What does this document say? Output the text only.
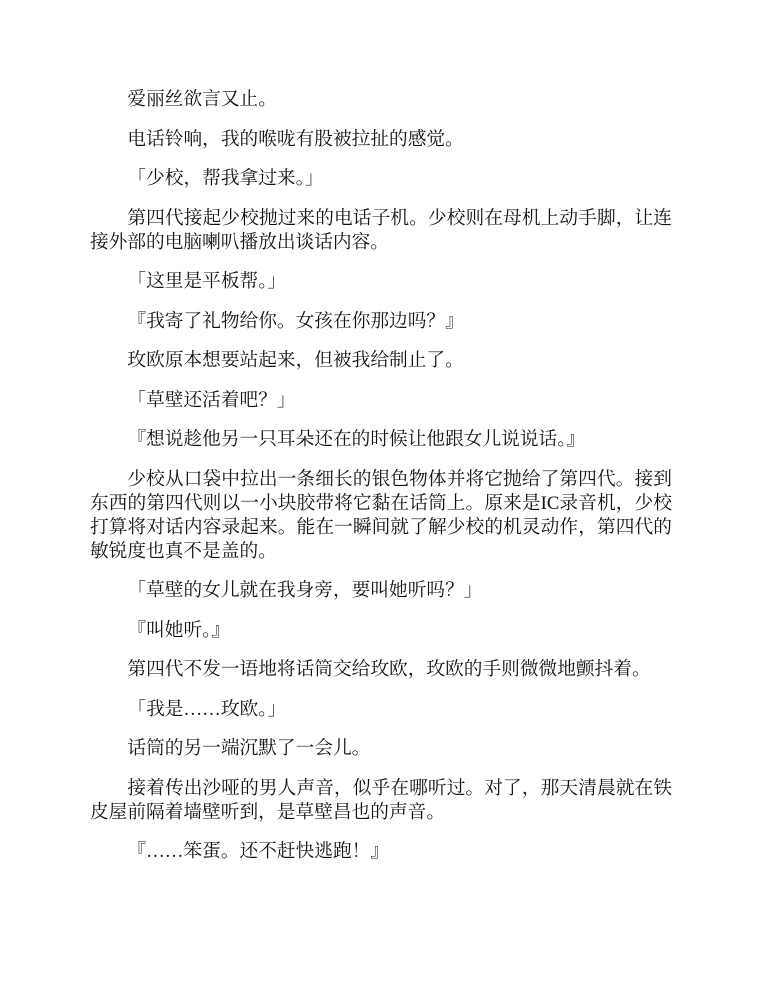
爱丽丝欲言又止。

电话铃响，我的喉咙有股被拉扯的感觉。

「少校，帮我拿过来。」

第四代接起少校抛过来的电话子机。少校则在母机上动手脚，让连接外部的电脑喇叭播放出谈话内容。

「这里是平板帮。」

『我寄了礼物给你。女孩在你那边吗？』

玫欧原本想要站起来，但被我给制止了。

「草壁还活着吧？」

『想说趁他另一只耳朵还在的时候让他跟女儿说说话。』

少校从口袋中拉出一条细长的银色物体并将它抛给了第四代。接到东西的第四代则以一小块胶带将它黏在话筒上。原来是IC录音机，少校打算将对话内容录起来。能在一瞬间就了解少校的机灵动作，第四代的敏锐度也真不是盖的。

「草壁的女儿就在我身旁，要叫她听吗？」

『叫她听。』

第四代不发一语地将话筒交给玫欧，玫欧的手则微微地颤抖着。

「我是……玫欧。」

话筒的另一端沉默了一会儿。

接着传出沙哑的男人声音，似乎在哪听过。对了，那天清晨就在铁皮屋前隔着墙壁听到，是草壁昌也的声音。

『……笨蛋。还不赶快逃跑！』
